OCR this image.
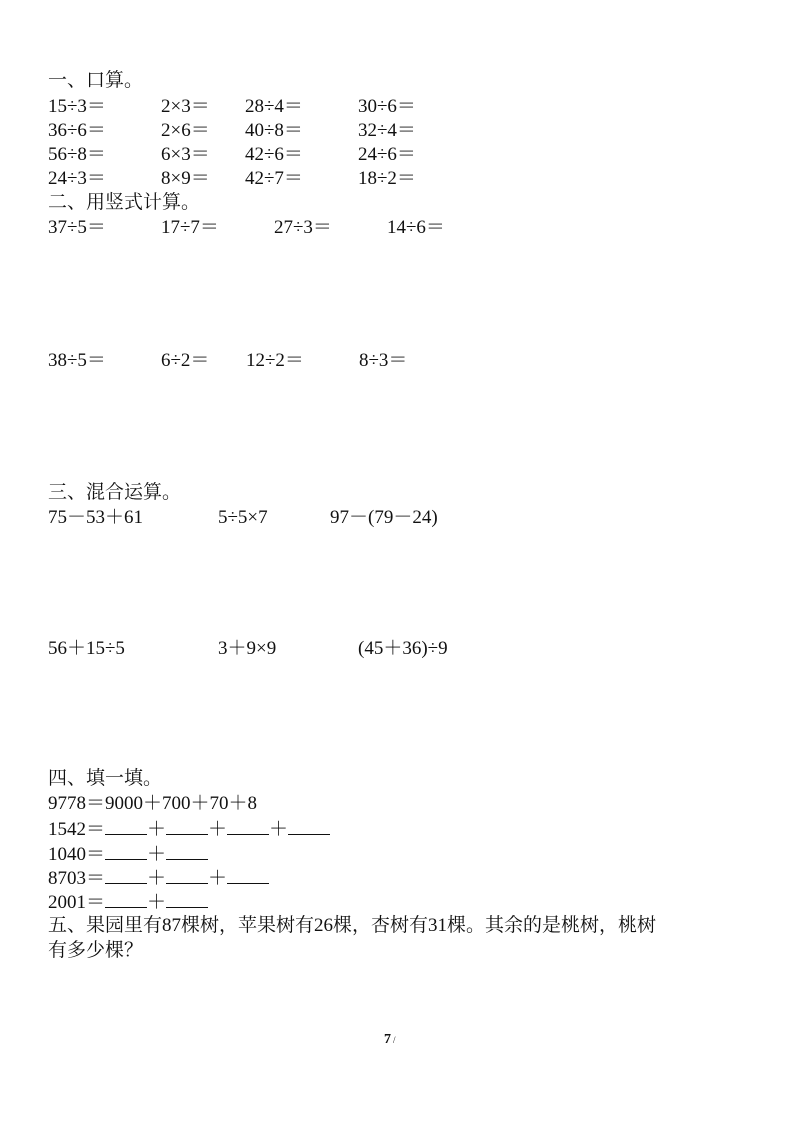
一、口算。
15÷3＝	2×3＝ 28÷4＝	30÷6＝
36÷6＝	2×6＝ 40÷8＝	32÷4＝
56÷8＝	6×3＝ 42÷6＝	24÷6＝
24÷3＝	8×9＝ 42÷7＝	18÷2＝
二、用竖式计算。
37÷5＝	17÷7＝	27÷3＝	14÷6＝
38÷5＝	6÷2＝ 12÷2＝	8÷3＝
三、混合运算。
75－53＋61	5÷5×7	97－(79－24)
56＋15÷5	3＋9×9	(45＋36)÷9
四、填一填。
9778＝9000＋700＋70＋8
1542＝ ＋ ＋ ＋
1040＝ ＋
8703＝ ＋ ＋
2001＝ ＋
五、果园里有87棵树，苹果树有26棵，杏树有31棵。其余的是桃树，桃树
有多少棵？
7 /
